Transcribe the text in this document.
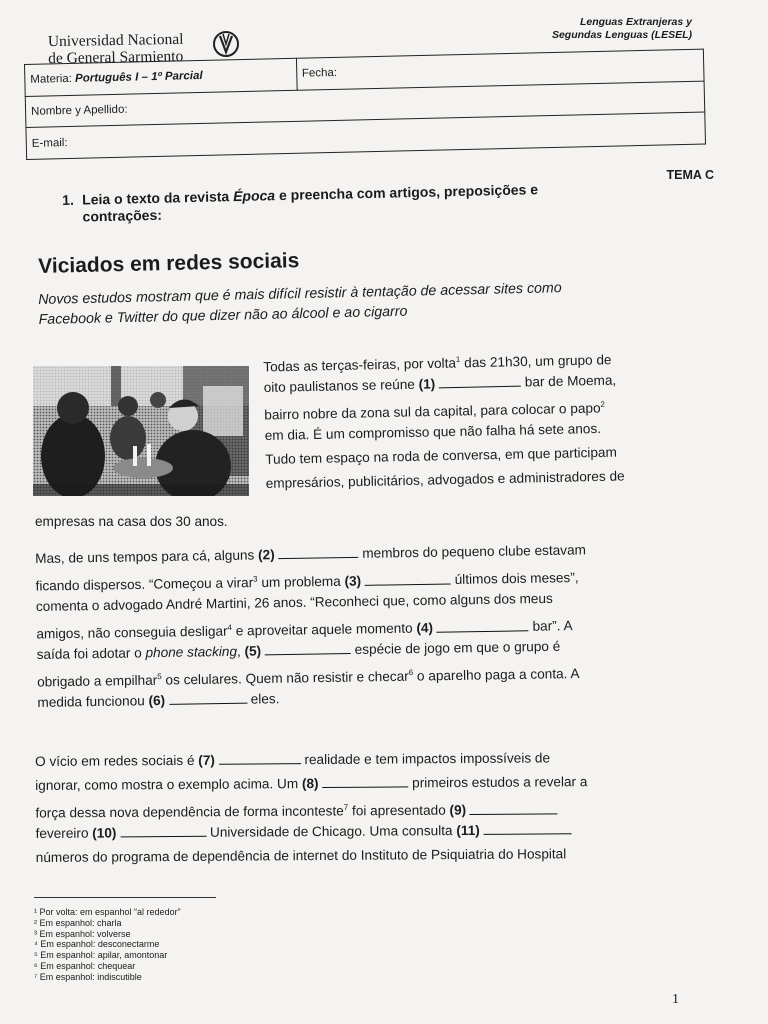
Universidad Nacional
de General Sarmiento
Lenguas Extranjeras y
Segundas Lenguas (LESEL)
Materia: Português I – 1º Parcial	Fecha:
Nombre y Apellido:
E-mail:
TEMA C
1. Leia o texto da revista Época e preencha com artigos, preposições e
contrações:
Viciados em redes sociais
Novos estudos mostram que é mais difícil resistir à tentação de acessar sites como
Facebook e Twitter do que dizer não ao álcool e ao cigarro
Todas as terças-feiras, por volta$^1$ das 21h30, um grupo de
oito paulistanos se reúne (1)	bar de Moema,
bairro nobre da zona sul da capital, para colocar o papo$^2$
em dia. É um compromisso que não falha há sete anos.
Tudo tem espaço na roda de conversa, em que participam
empresários, publicitários, advogados e administradores de
empresas na casa dos 30 anos.
Mas, de uns tempos para cá, alguns (2)	membros do pequeno clube estavam
ficando dispersos. “Começou a virar$^3$ um problema (3)	últimos dois meses”,
comenta o advogado André Martini, 26 anos. “Reconheci que, como alguns dos meus
amigos, não conseguia desligar$^4$ e aproveitar aquele momento (4)	bar”. A
saída foi adotar o phone stacking, (5)	espécie de jogo em que o grupo é
obrigado a empilhar$^5$ os celulares. Quem não resistir e checar$^6$ o aparelho paga a conta. A
medida funcionou (6)	eles.
O vício em redes sociais é (7)	realidade e tem impactos impossíveis de
ignorar, como mostra o exemplo acima. Um (8)	primeiros estudos a revelar a
força dessa nova dependência de forma inconteste$^7$ foi apresentado (9)
fevereiro (10)	Universidade de Chicago. Uma consulta (11)
números do programa de dependência de internet do Instituto de Psiquiatria do Hospital
¹ Por volta: em espanhol “al rededor”
² Em espanhol: charla
³ Em espanhol: volverse
⁴ Em espanhol: desconectarme
⁵ Em espanhol: apilar, amontonar
⁶ Em espanhol: chequear
⁷ Em espanhol: indiscutible
1
